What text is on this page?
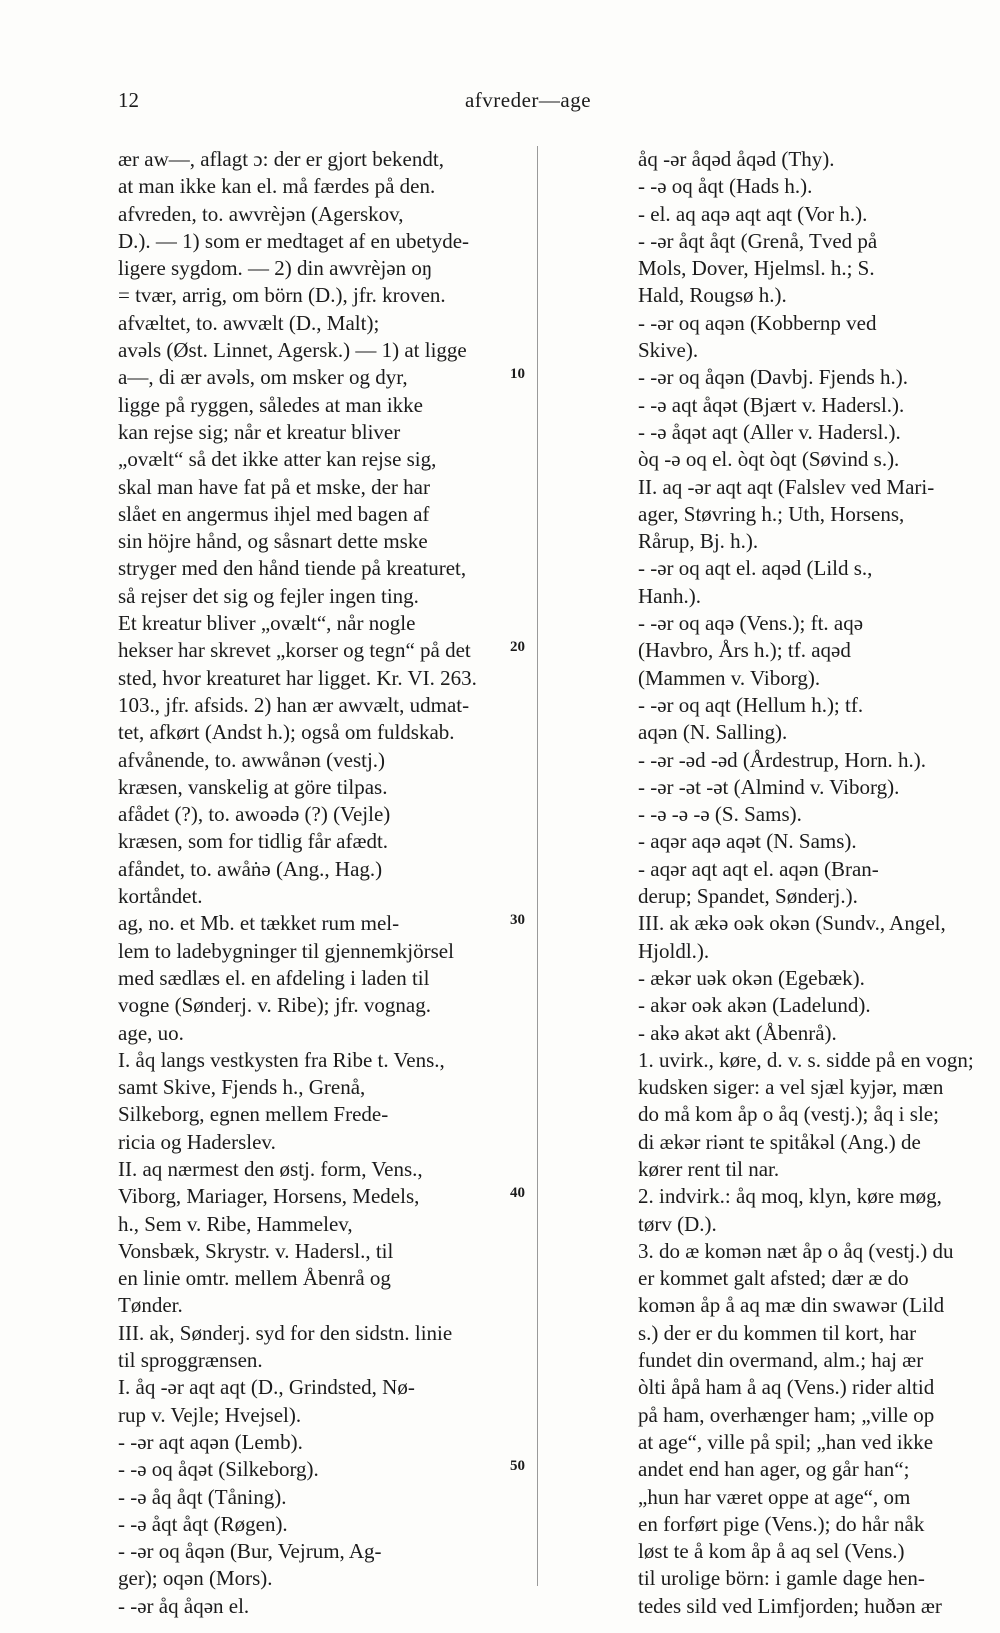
12	afvreder—age
ær aw—, aflagt ɔ: der er gjort bekendt,
at man ikke kan el. må færdes på den.
afvreden, to. awvrèjən (Agerskov,
D.). — 1) som er medtaget af en ubetyde-
ligere sygdom. — 2) din awvrèjən oŋ
= tvær, arrig, om börn (D.), jfr. kroven.
afvæltet, to. awvælt (D., Malt);
avəls (Øst. Linnet, Agersk.) — 1) at ligge
a—, di ær avəls, om msker og dyr,
ligge på ryggen, således at man ikke
kan rejse sig; når et kreatur bliver
„ovælt“ så det ikke atter kan rejse sig,
skal man have fat på et mske, der har
slået en angermus ihjel med bagen af
sin höjre hånd, og såsnart dette mske
stryger med den hånd tiende på kreaturet,
så rejser det sig og fejler ingen ting.
Et kreatur bliver „ovælt“, når nogle
hekser har skrevet „korser og tegn“ på det
sted, hvor kreaturet har ligget. Kr. VI. 263.
103., jfr. afsids. 2) han ær awvælt, udmat-
tet, afkørt (Andst h.); også om fuldskab.
afvånende, to. awwånən (vestj.)
kræsen, vanskelig at göre tilpas.
afådet (?), to. awoədə (?) (Vejle)
kræsen, som for tidlig får afædt.
afåndet, to. awåṅə (Ang., Hag.)
kortåndet.
ag, no. et Mb. et tækket rum mel-
lem to ladebygninger til gjennemkjörsel
med sædlæs el. en afdeling i laden til
vogne (Sønderj. v. Ribe); jfr. vognag.
age, uo.
I. åq langs vestkysten fra Ribe t. Vens.,
samt Skive, Fjends h., Grenå,
Silkeborg, egnen mellem Frede-
ricia og Haderslev.
II. aq nærmest den østj. form, Vens.,
Viborg, Mariager, Horsens, Medels,
h., Sem v. Ribe, Hammelev,
Vonsbæk, Skrystr. v. Hadersl., til
en linie omtr. mellem Åbenrå og
Tønder.
III. ak, Sønderj. syd for den sidstn. linie
til sproggrænsen.
I. åq -ər aqt aqt (D., Grindsted, Nø-
rup v. Vejle; Hvejsel).
- -ər aqt aqən (Lemb).
- -ə oq åqət (Silkeborg).
- -ə åq åqt (Tåning).
- -ə åqt åqt (Røgen).
- -ər oq åqən (Bur, Vejrum, Ag-
ger); oqən (Mors).
- -ər åq åqən el.
åq -ər åqəd åqəd (Thy).
- -ə oq åqt (Hads h.).
- el. aq aqə aqt aqt (Vor h.).
- -ər åqt åqt (Grenå, Tved på
Mols, Dover, Hjelmsl. h.; S.
Hald, Rougsø h.).
- -ər oq aqən (Kobbernp ved
Skive).
- -ər oq åqən (Davbj. Fjends h.).
- -ə aqt åqət (Bjært v. Hadersl.).
- -ə åqət aqt (Aller v. Hadersl.).
òq -ə oq el. òqt òqt (Søvind s.).
II. aq -ər aqt aqt (Falslev ved Mari-
ager, Støvring h.; Uth, Horsens,
Rårup, Bj. h.).
- -ər oq aqt el. aqəd (Lild s.,
Hanh.).
- -ər oq aqə (Vens.); ft. aqə
(Havbro, Års h.); tf. aqəd
(Mammen v. Viborg).
- -ər oq aqt (Hellum h.); tf.
aqən (N. Salling).
- -ər -əd -əd (Årdestrup, Horn. h.).
- -ər -ət -ət (Almind v. Viborg).
- -ə -ə -ə (S. Sams).
- aqər aqə aqət (N. Sams).
- aqər aqt aqt el. aqən (Bran-
derup; Spandet, Sønderj.).
III. ak ækə oək okən (Sundv., Angel,
Hjoldl.).
- ækər uək okən (Egebæk).
- akər oək akən (Ladelund).
- akə akət akt (Åbenrå).
1. uvirk., køre, d. v. s. sidde på en vogn;
kudsken siger: a vel sjæl kyjər, mæn
do må kom åp o åq (vestj.); åq i sle;
di ækər riənt te spitåkəl (Ang.) de
kører rent til nar.
2. indvirk.: åq moq, klyn, køre møg,
tørv (D.).
3. do æ komən næt åp o åq (vestj.) du
er kommet galt afsted; dær æ do
komən åp å aq mæ din swawər (Lild
s.) der er du kommen til kort, har
fundet din overmand, alm.; haj ær
òlti åpå ham å aq (Vens.) rider altid
på ham, overhænger ham; „ville op
at age“, ville på spil; „han ved ikke
andet end han ager, og går han“;
„hun har været oppe at age“, om
en forført pige (Vens.); do hår nåk
løst te å kom åp å aq sel (Vens.)
til urolige börn: i gamle dage hen-
tedes sild ved Limfjorden; huðən ær
10
20
30
40
50
